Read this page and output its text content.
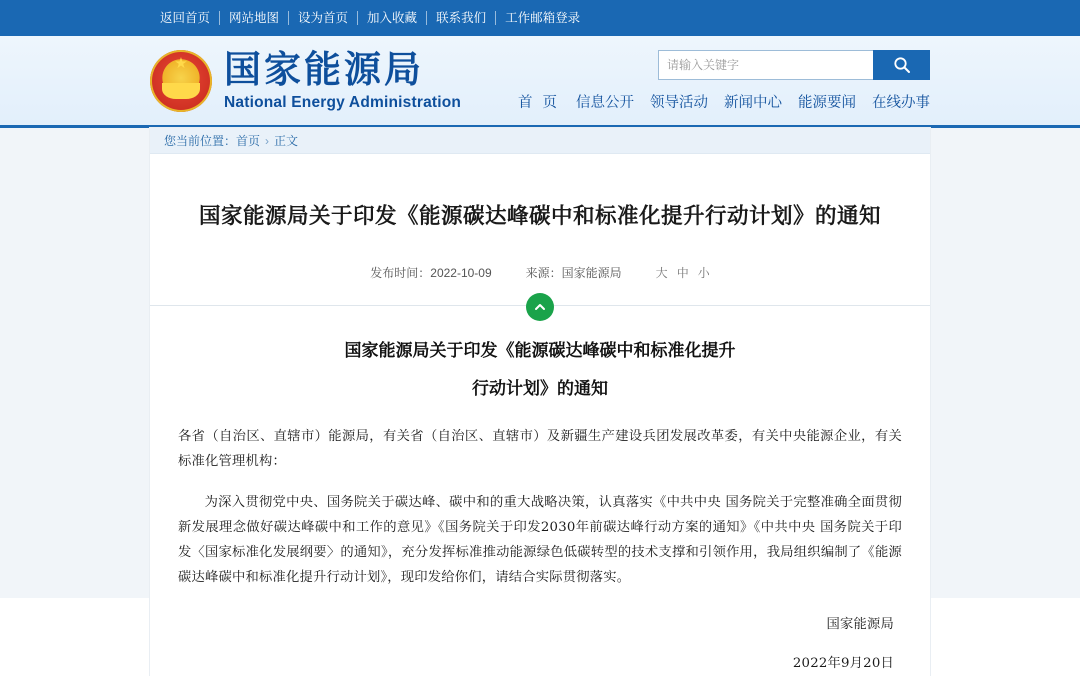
返回首页	网站地图	设为首页	加入收藏	联系我们	工作邮箱登录
★
国家能源局
National Energy Administration
请输入关键字	首 页 信息公开 领导活动 新闻中心 能源要闻 在线办事
您当前位置： 首页 › 正文
国家能源局关于印发《能源碳达峰碳中和标准化提升行动计划》的通知
发布时间：2022-10-09	来源：国家能源局	大 中 小
国家能源局关于印发《能源碳达峰碳中和标准化提升
行动计划》的通知

各省（自治区、直辖市）能源局，有关省（自治区、直辖市）及新疆生产建设兵团发展改革委，有关中央能源企业，有关标准化管理机构：

为深入贯彻党中央、国务院关于碳达峰、碳中和的重大战略决策，认真落实《中共中央 国务院关于完整准确全面贯彻新发展理念做好碳达峰碳中和工作的意见》《国务院关于印发2030年前碳达峰行动方案的通知》《中共中央 国务院关于印发〈国家标准化发展纲要〉的通知》，充分发挥标准推动能源绿色低碳转型的技术支撑和引领作用，我局组织编制了《能源碳达峰碳中和标准化提升行动计划》，现印发给你们，请结合实际贯彻落实。

国家能源局

2022年9月20日
